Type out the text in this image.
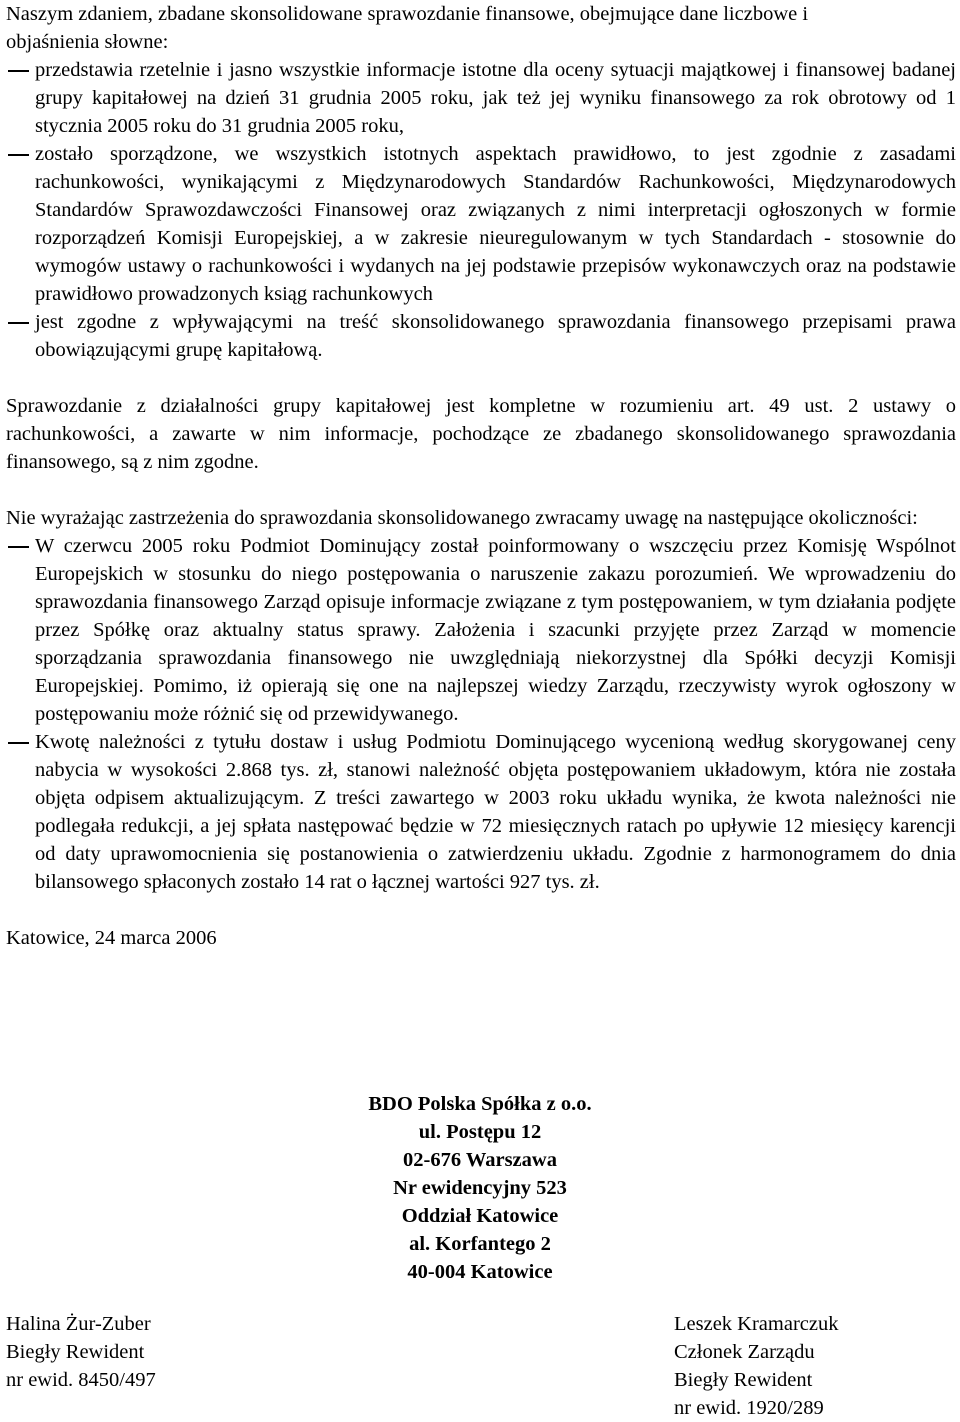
Naszym zdaniem, zbadane skonsolidowane sprawozdanie finansowe, obejmujące dane liczbowe i

objaśnienia słowne:

przedstawia rzetelnie i jasno wszystkie informacje istotne dla oceny sytuacji majątkowej i finansowej badanej grupy kapitałowej na dzień 31 grudnia 2005 roku, jak też jej wyniku finansowego za rok obrotowy od 1 stycznia 2005 roku do 31 grudnia 2005 roku,
zostało sporządzone, we wszystkich istotnych aspektach prawidłowo, to jest zgodnie z zasadami rachunkowości, wynikającymi z Międzynarodowych Standardów Rachunkowości, Międzynarodowych Standardów Sprawozdawczości Finansowej oraz związanych z nimi interpretacji ogłoszonych w formie rozporządzeń Komisji Europejskiej, a w zakresie nieuregulowanym w tych Standardach - stosownie do wymogów ustawy o rachunkowości i wydanych na jej podstawie przepisów wykonawczych oraz na podstawie prawidłowo prowadzonych ksiąg rachunkowych
jest zgodne z wpływającymi na treść skonsolidowanego sprawozdania finansowego przepisami prawa obowiązującymi grupę kapitałową.

Sprawozdanie z działalności grupy kapitałowej jest kompletne w rozumieniu art. 49 ust. 2 ustawy o rachunkowości, a zawarte w nim informacje, pochodzące ze zbadanego skonsolidowanego sprawozdania finansowego, są z nim zgodne.

Nie wyrażając zastrzeżenia do sprawozdania skonsolidowanego zwracamy uwagę na następujące okoliczności:

W czerwcu 2005 roku Podmiot Dominujący został poinformowany o wszczęciu przez Komisję Wspólnot Europejskich w stosunku do niego postępowania o naruszenie zakazu porozumień. We wprowadzeniu do sprawozdania finansowego Zarząd opisuje informacje związane z tym postępowaniem, w tym działania podjęte przez Spółkę oraz aktualny status sprawy. Założenia i szacunki przyjęte przez Zarząd w momencie sporządzania sprawozdania finansowego nie uwzględniają niekorzystnej dla Spółki decyzji Komisji Europejskiej. Pomimo, iż opierają się one na najlepszej wiedzy Zarządu, rzeczywisty wyrok ogłoszony w postępowaniu może różnić się od przewidywanego.
Kwotę należności z tytułu dostaw i usług Podmiotu Dominującego wycenioną według skorygowanej ceny nabycia w wysokości 2.868 tys. zł, stanowi należność objęta postępowaniem układowym, która nie została objęta odpisem aktualizującym. Z treści zawartego w 2003 roku układu wynika, że kwota należności nie podlegała redukcji, a jej spłata następować będzie w 72 miesięcznych ratach po upływie 12 miesięcy karencji od daty uprawomocnienia się postanowienia o zatwierdzeniu układu. Zgodnie z harmonogramem do dnia bilansowego spłaconych zostało 14 rat o łącznej wartości 927 tys. zł.

Katowice, 24 marca 2006

BDO Polska Spółka z o.o.

ul. Postępu 12

02-676 Warszawa

Nr ewidencyjny 523

Oddział Katowice

al. Korfantego 2

40-004 Katowice

Halina Żur-Zuber

Biegły Rewident

nr ewid. 8450/497

Leszek Kramarczuk

Członek Zarządu

Biegły Rewident

nr ewid. 1920/289
